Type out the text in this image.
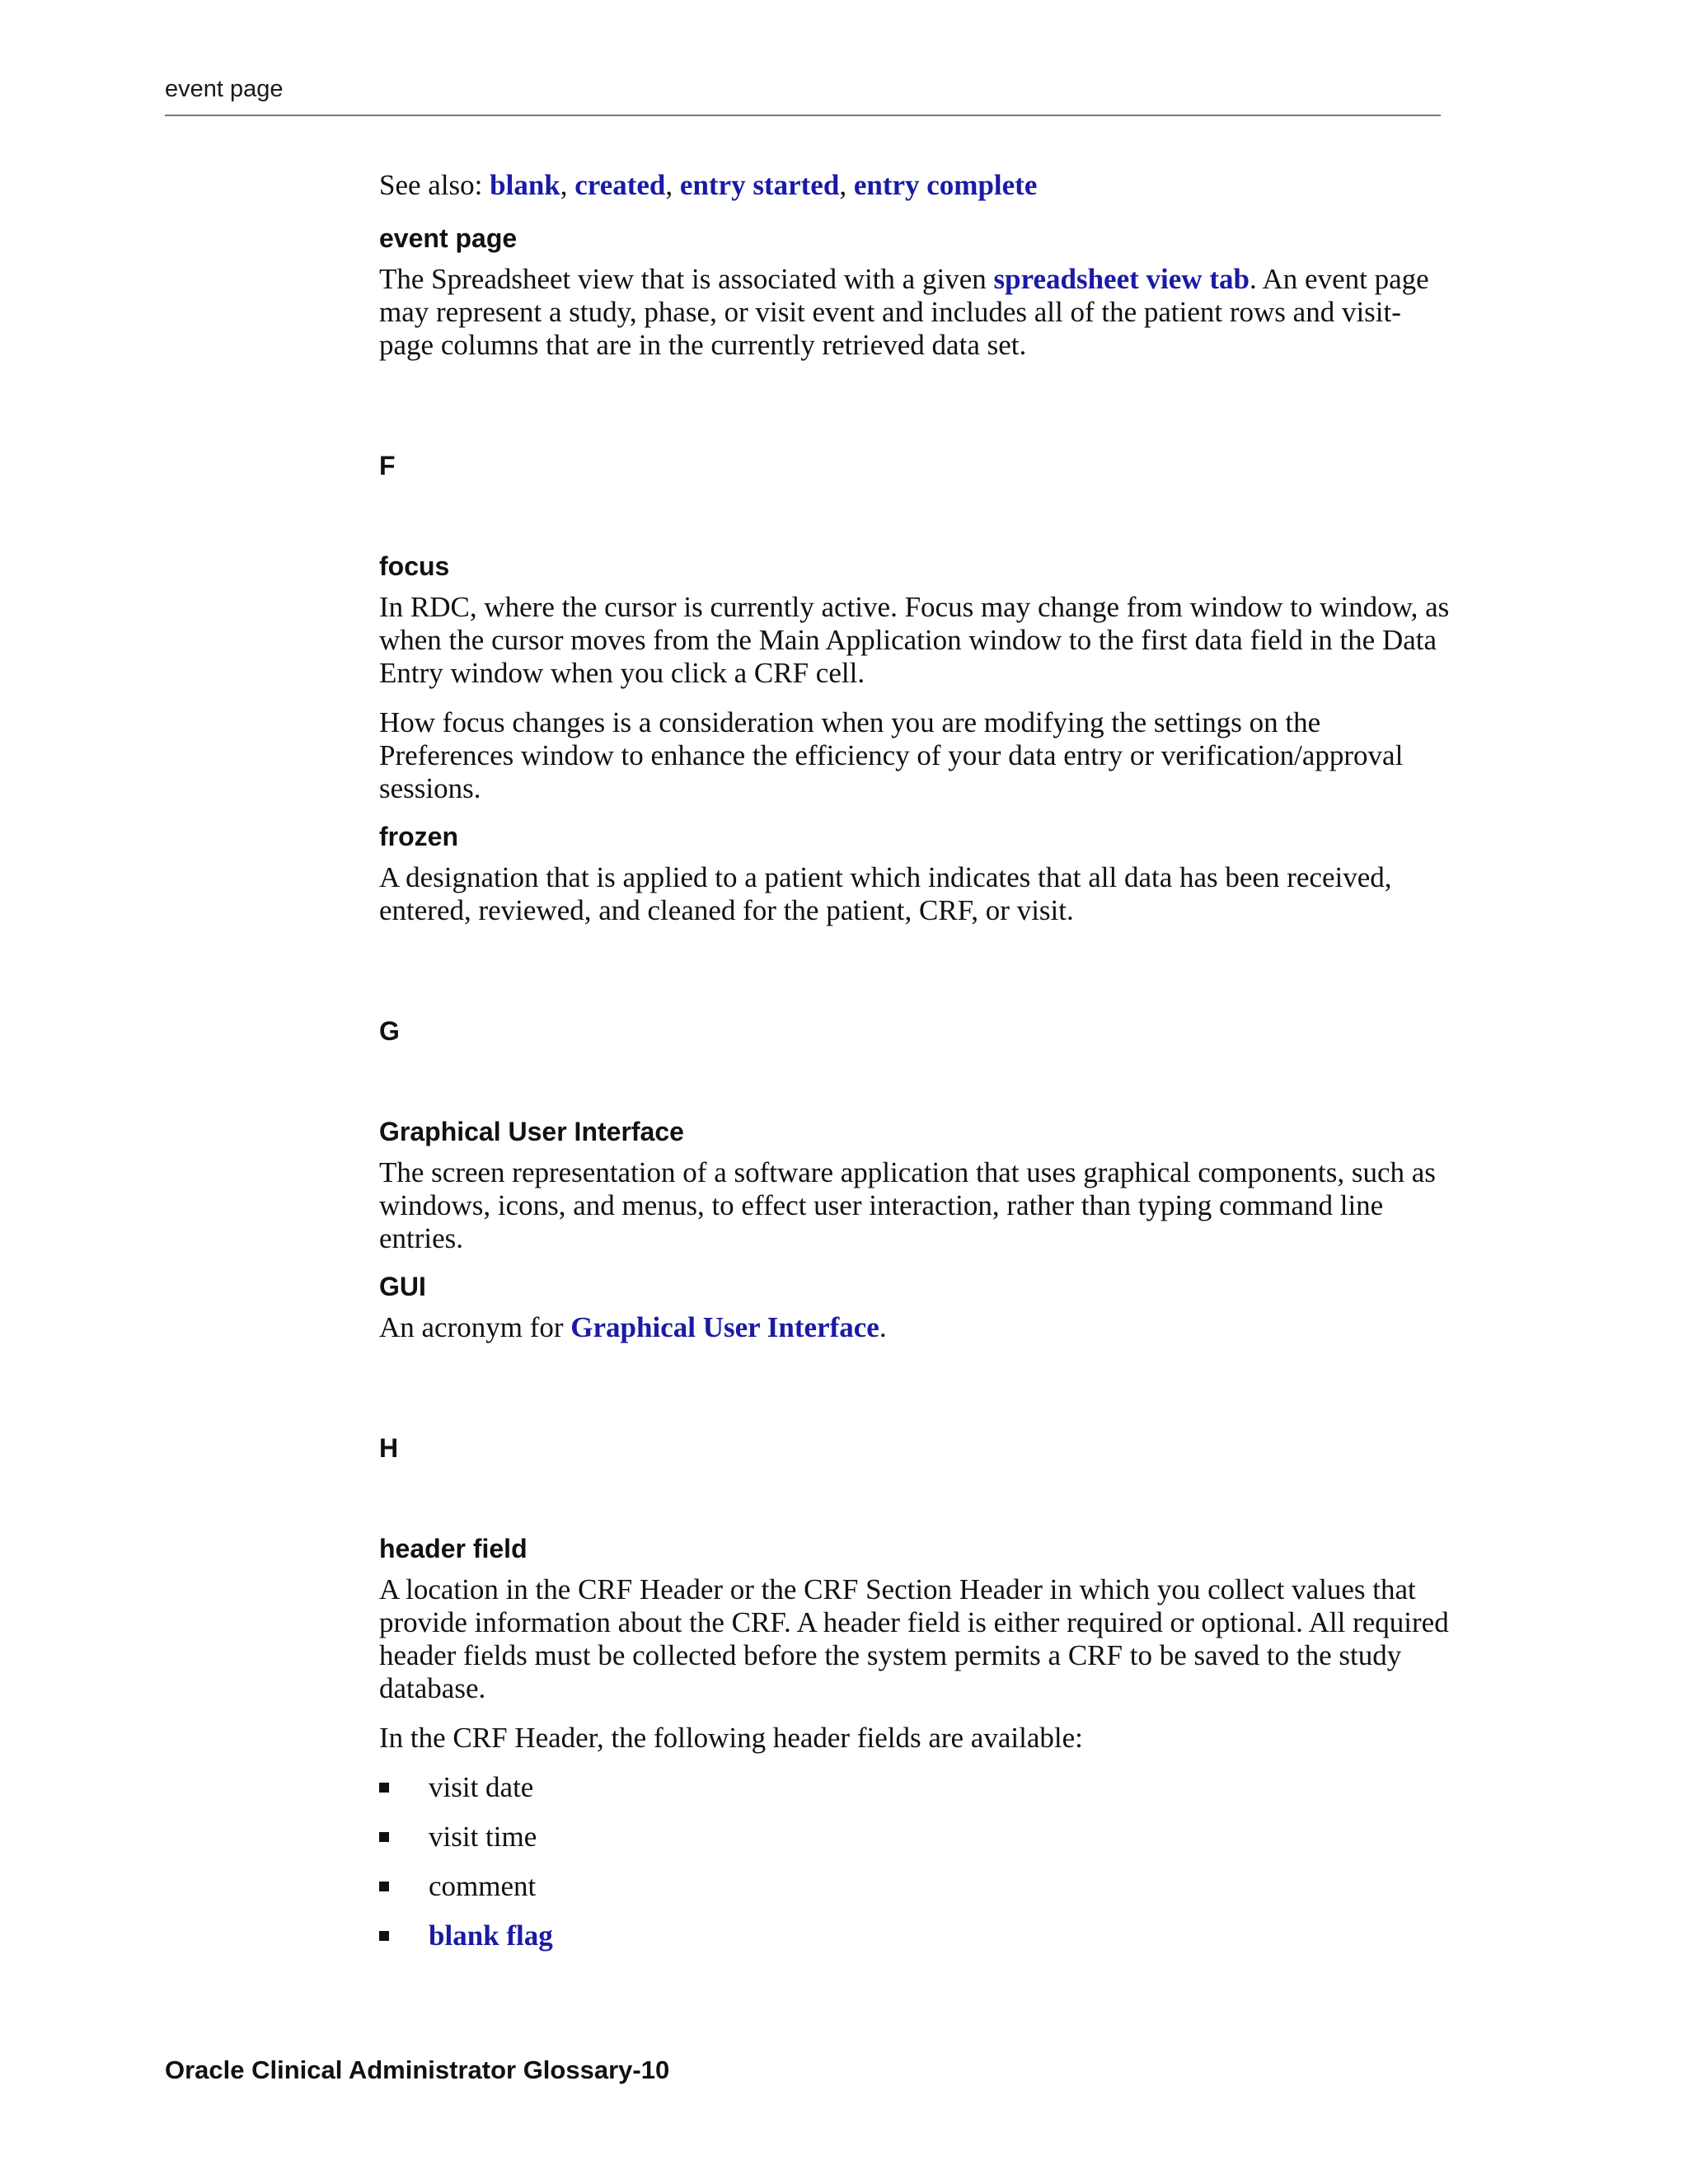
event page

See also: blank, created, entry started, entry complete

event page

The Spreadsheet view that is associated with a given spreadsheet view tab. An event page may represent a study, phase, or visit event and includes all of the patient rows and visit-page columns that are in the currently retrieved data set.

F
focus

In RDC, where the cursor is currently active. Focus may change from window to window, as when the cursor moves from the Main Application window to the first data field in the Data Entry window when you click a CRF cell.

How focus changes is a consideration when you are modifying the settings on the Preferences window to enhance the efficiency of your data entry or verification/approval sessions.

frozen

A designation that is applied to a patient which indicates that all data has been received, entered, reviewed, and cleaned for the patient, CRF, or visit.

G
Graphical User Interface

The screen representation of a software application that uses graphical components, such as windows, icons, and menus, to effect user interaction, rather than typing command line entries.

GUI

An acronym for Graphical User Interface.

H
header field

A location in the CRF Header or the CRF Section Header in which you collect values that provide information about the CRF. A header field is either required or optional. All required header fields must be collected before the system permits a CRF to be saved to the study database.

In the CRF Header, the following header fields are available:

visit date
visit time
comment
blank flag
Oracle Clinical Administrator Glossary-10
